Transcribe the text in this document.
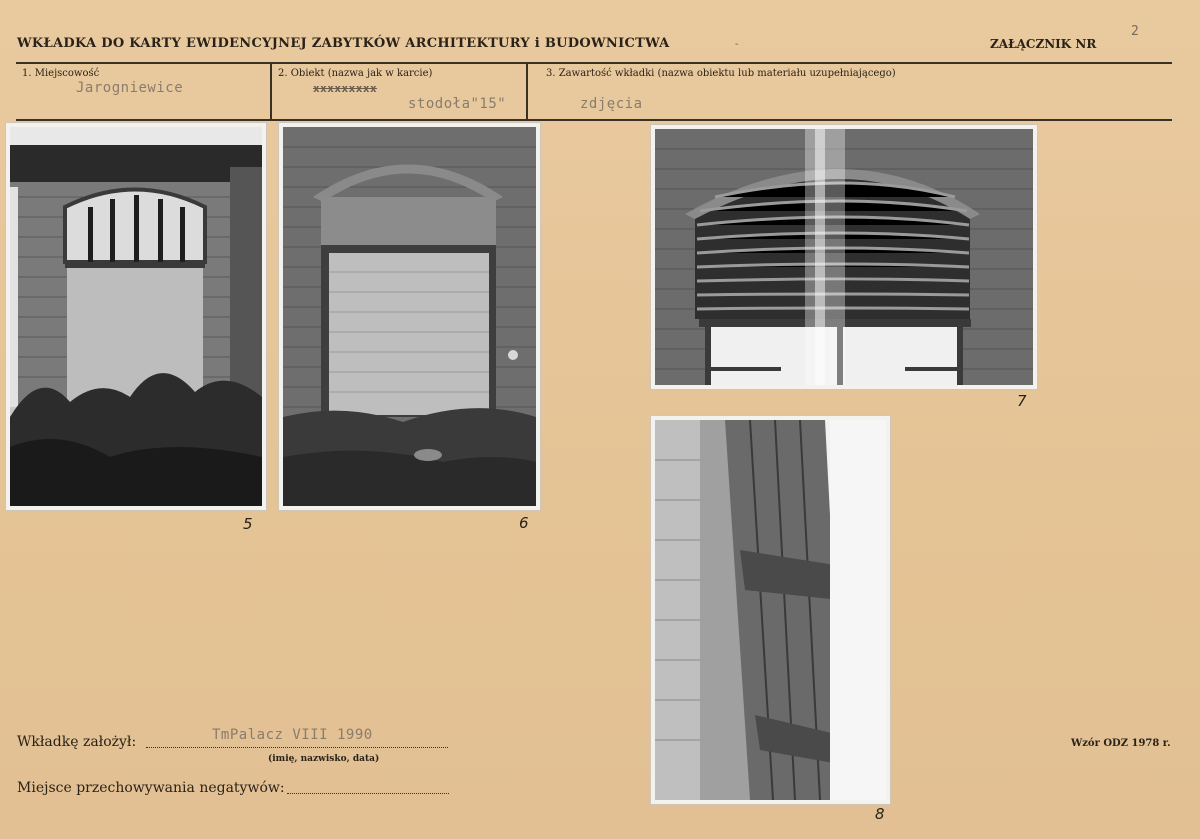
WKŁADKA DO KARTY EWIDENCYJNEJ ZABYTKÓW ARCHITEKTURY i BUDOWNICTWA	-	ZAŁĄCZNIK NR
2
1. Miejscowość
Jarogniewice
2. Obiekt (nazwa jak w karcie)
xxxxxxxxx
stodoła"15"
3. Zawartość wkładki (nazwa obiektu lub materiału uzupełniającego)
zdjęcia
5	6
7
8
Wkładkę założył:	TmPalacz VIII 1990
(imię, nazwisko, data)
Miejsce przechowywania negatywów:
Wzór ODZ 1978 r.
